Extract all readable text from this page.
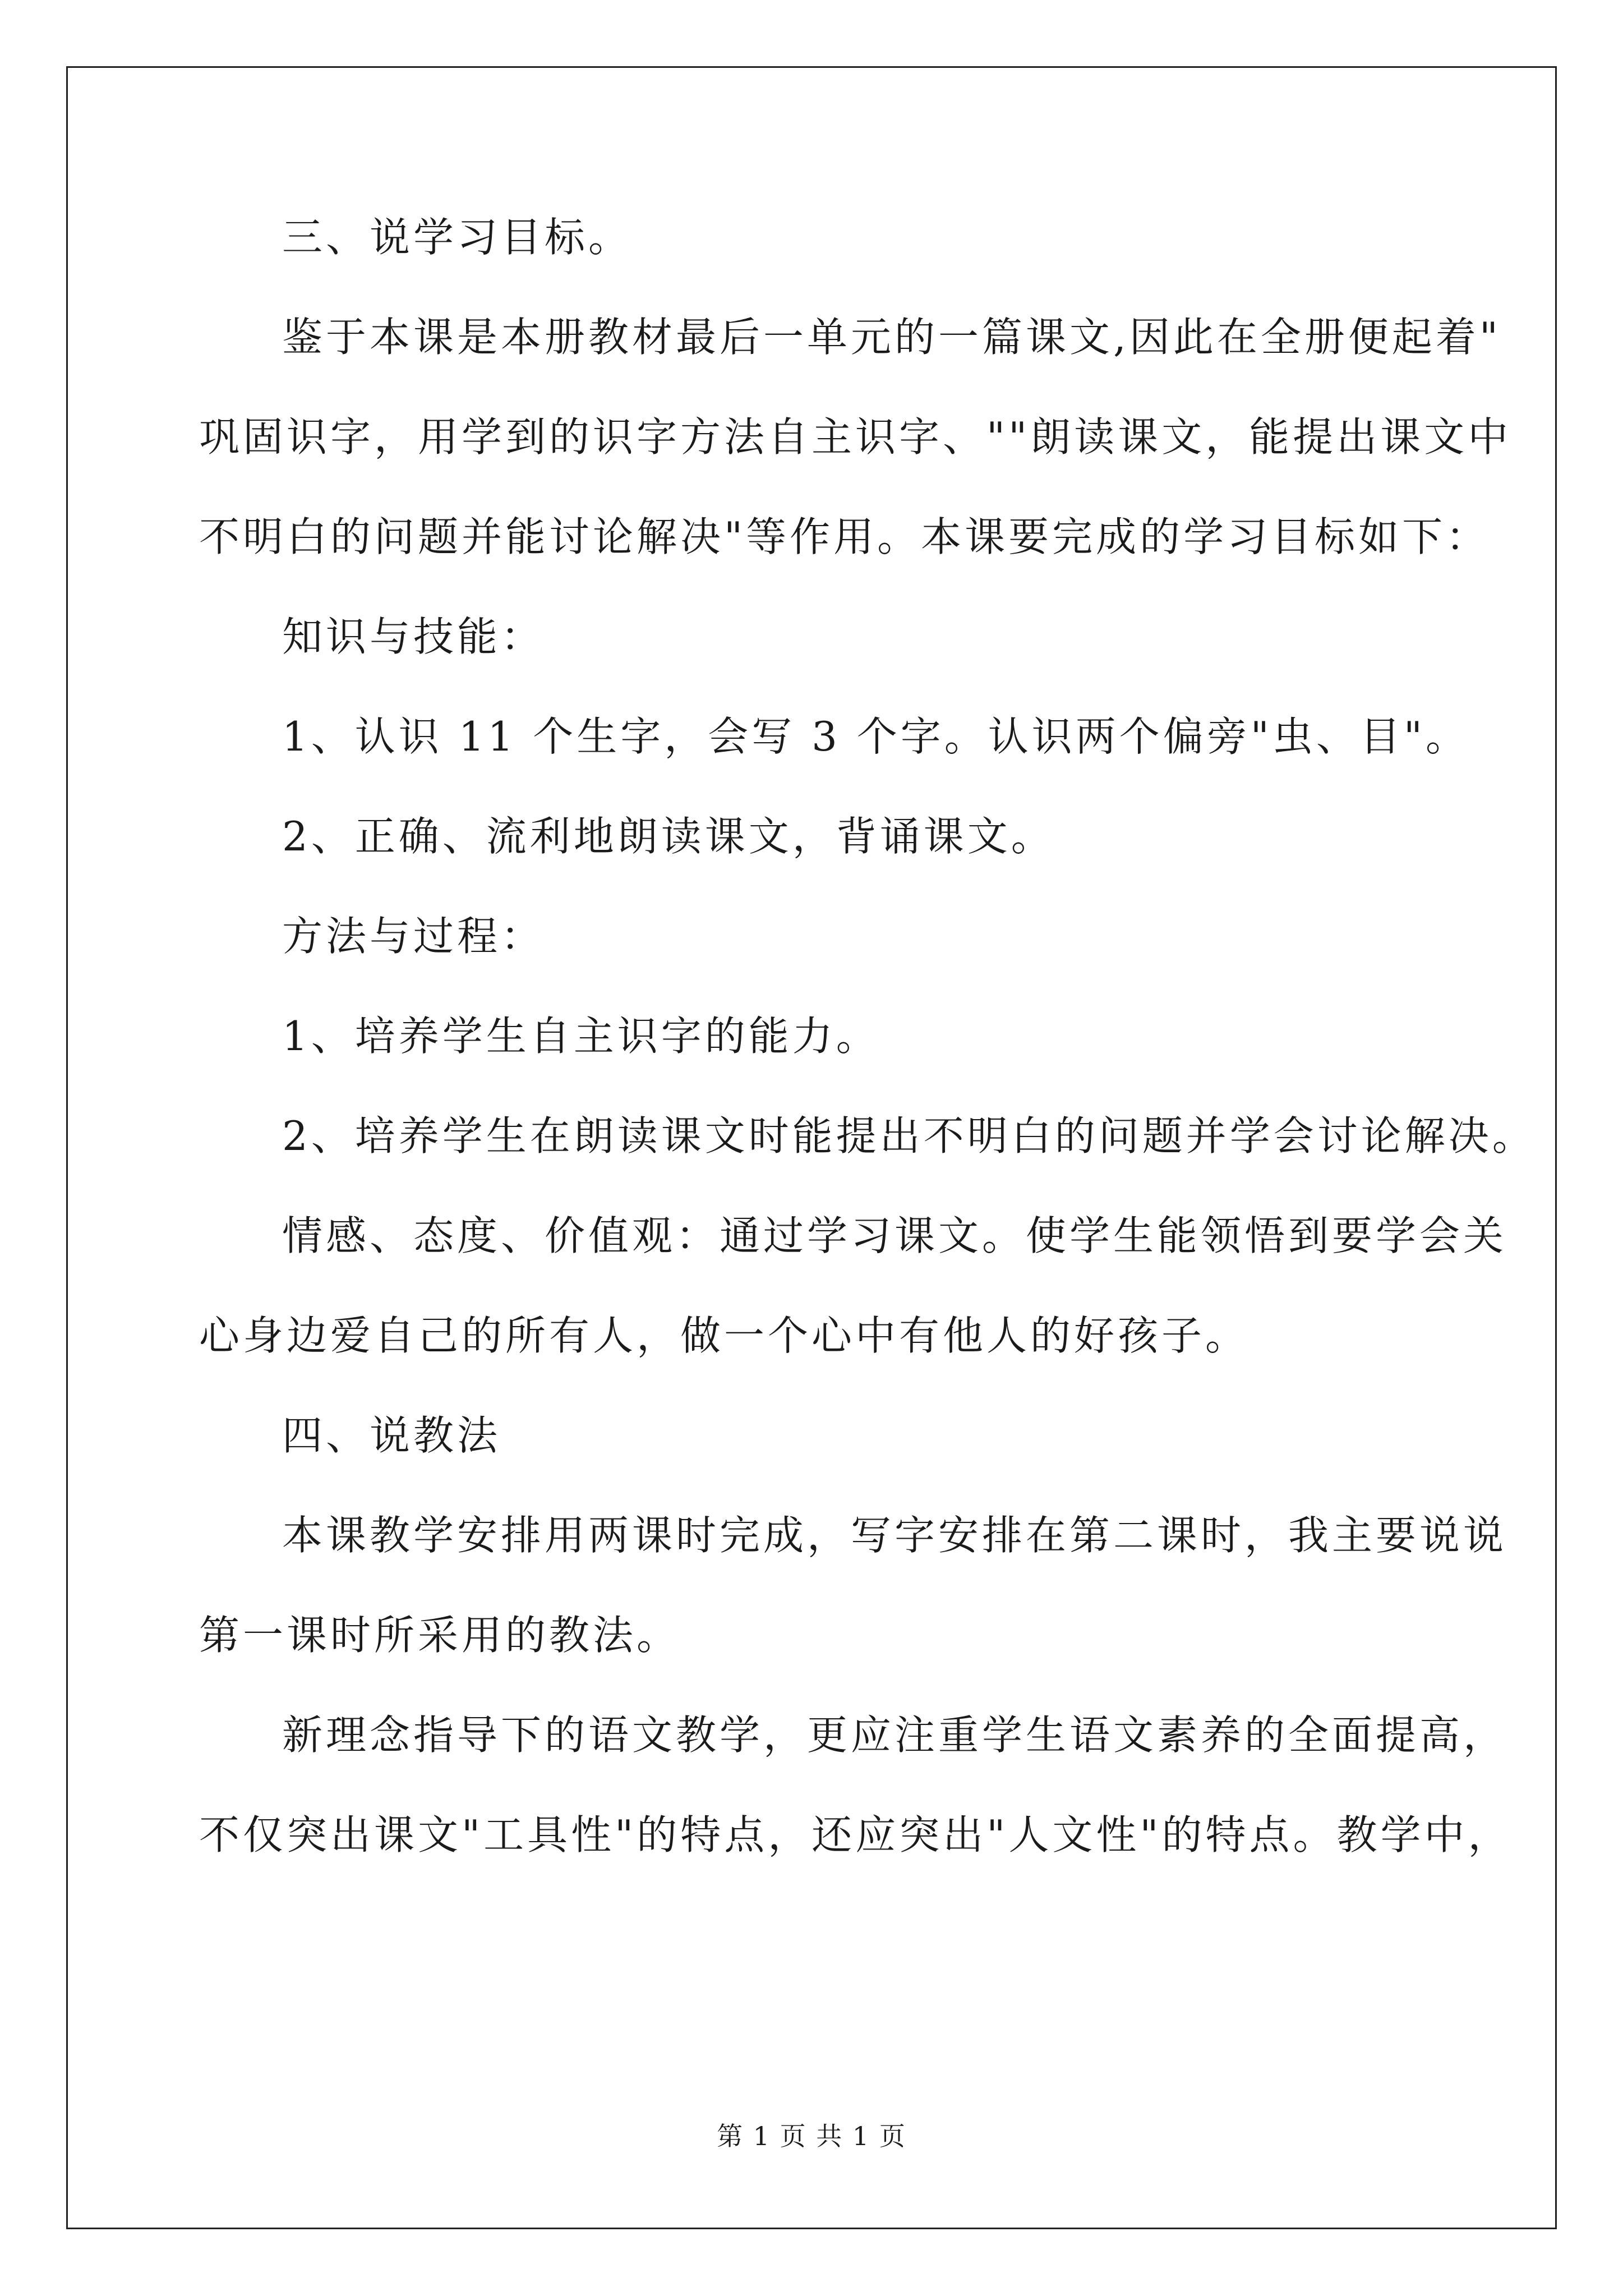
三、说学习目标。
鉴于本课是本册教材最后一单元的一篇课文,因此在全册便起着"
巩固识字，用学到的识字方法自主识字、""朗读课文，能提出课文中
不明白的问题并能讨论解决"等作用。本课要完成的学习目标如下：
知识与技能：
1、认识 11 个生字，会写 3 个字。认识两个偏旁"虫、目"。
2、正确、流利地朗读课文，背诵课文。
方法与过程：
1、培养学生自主识字的能力。
2、培养学生在朗读课文时能提出不明白的问题并学会讨论解决。
情感、态度、价值观：通过学习课文。使学生能领悟到要学会关
心身边爱自己的所有人，做一个心中有他人的好孩子。
四、说教法
本课教学安排用两课时完成，写字安排在第二课时，我主要说说
第一课时所采用的教法。
新理念指导下的语文教学，更应注重学生语文素养的全面提高，
不仅突出课文"工具性"的特点，还应突出"人文性"的特点。教学中，
第 1 页 共 1 页
